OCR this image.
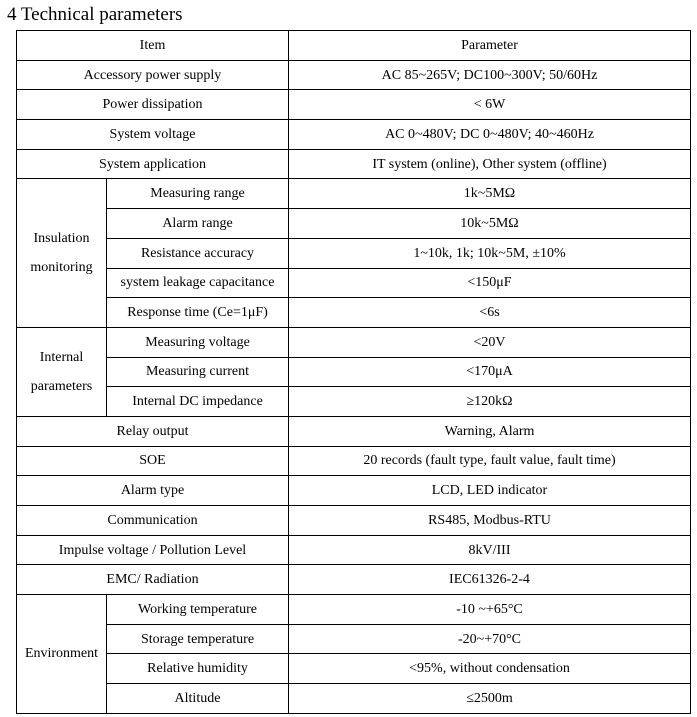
4 Technical parameters
Item		Parameter
Accessory power supply		AC 85~265V; DC100~300V; 50/60Hz
Power dissipation		< 6W
System voltage		AC 0~480V; DC 0~480V; 40~460Hz
System application		IT system (online), Other system (offline)
Insulation monitoring	Measuring range	1k~5MΩ
	Alarm range	10k~5MΩ
	Resistance accuracy	1~10k, 1k; 10k~5M, ±10%
	system leakage capacitance	<150μF
	Response time (Ce=1μF)	<6s
Internal parameters	Measuring voltage	<20V
	Measuring current	<170μA
	Internal DC impedance	≥120kΩ
Relay output		Warning, Alarm
SOE		20 records (fault type, fault value, fault time)
Alarm type		LCD, LED indicator
Communication		RS485, Modbus-RTU
Impulse voltage / Pollution Level		8kV/III
EMC/ Radiation		IEC61326-2-4
Environment	Working temperature	-10 ~+65°C
	Storage temperature	-20~+70°C
	Relative humidity	<95%, without condensation
	Altitude	≤2500m
